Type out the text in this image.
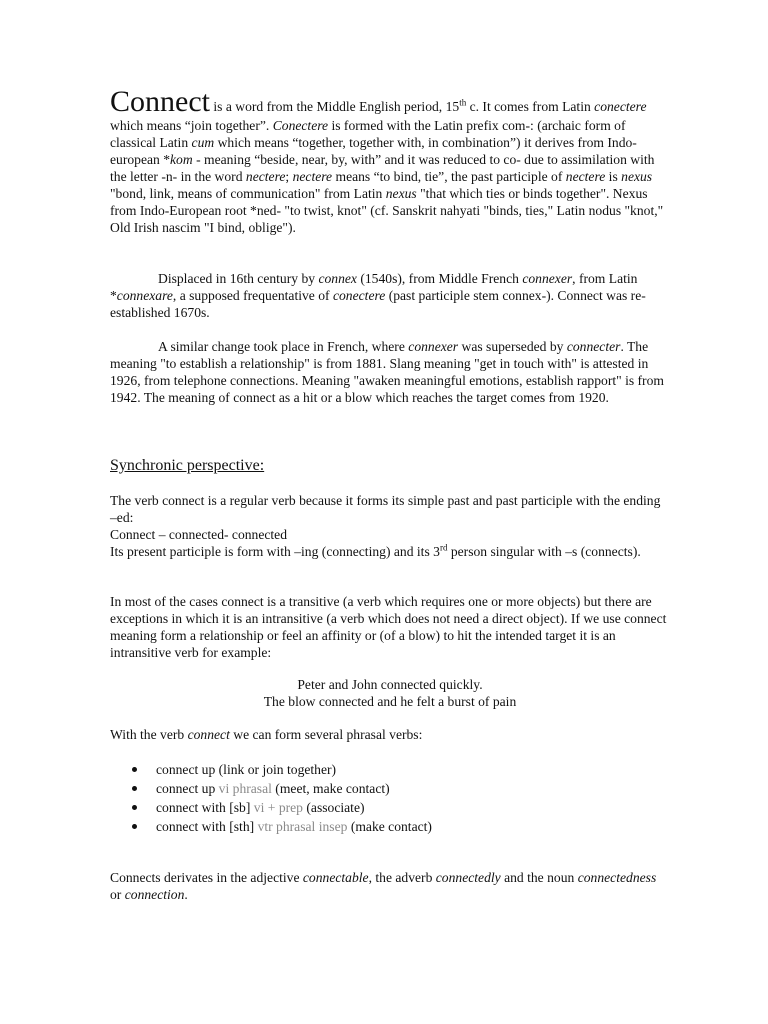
Connect is a word from the Middle English period, 15th c. It comes from Latin conectere which means “join together”. Conectere is formed with the Latin prefix com-: (archaic form of classical Latin cum which means “together, together with, in combination”) it derives from Indo-european *kom - meaning “beside, near, by, with” and it was reduced to co- due to assimilation with the letter -n- in the word nectere; nectere means “to bind, tie”, the past participle of nectere is nexus "bond, link, means of communication" from Latin nexus "that which ties or binds together". Nexus from Indo-European root *ned- "to twist, knot" (cf. Sanskrit nahyati "binds, ties," Latin nodus "knot," Old Irish nascim "I bind, oblige").

Displaced in 16th century by connex (1540s), from Middle French connexer, from Latin *connexare, a supposed frequentative of conectere (past participle stem connex-). Connect was re-established 1670s.

A similar change took place in French, where connexer was superseded by connecter. The meaning "to establish a relationship" is from 1881. Slang meaning "get in touch with" is attested in 1926, from telephone connections. Meaning "awaken meaningful emotions, establish rapport" is from 1942. The meaning of connect as a hit or a blow which reaches the target comes from 1920.

Synchronic perspective:

The verb connect is a regular verb because it forms its simple past and past participle with the ending –ed:
Connect – connected- connected
Its present participle is form with –ing (connecting) and its 3rd person singular with –s (connects).

In most of the cases connect is a transitive (a verb which requires one or more objects) but there are exceptions in which it is an intransitive (a verb which does not need a direct object). If we use connect meaning form a relationship or feel an affinity or (of a blow) to hit the intended target it is an intransitive verb for example:

Peter and John connected quickly.
The blow connected and he felt a burst of pain

With the verb connect we can form several phrasal verbs:

connect up (link or join together)
connect up vi phrasal (meet, make contact)
connect with [sb] vi + prep (associate)
connect with [sth] vtr phrasal insep (make contact)

Connects derivates in the adjective connectable, the adverb connectedly and the noun connectedness or connection.
